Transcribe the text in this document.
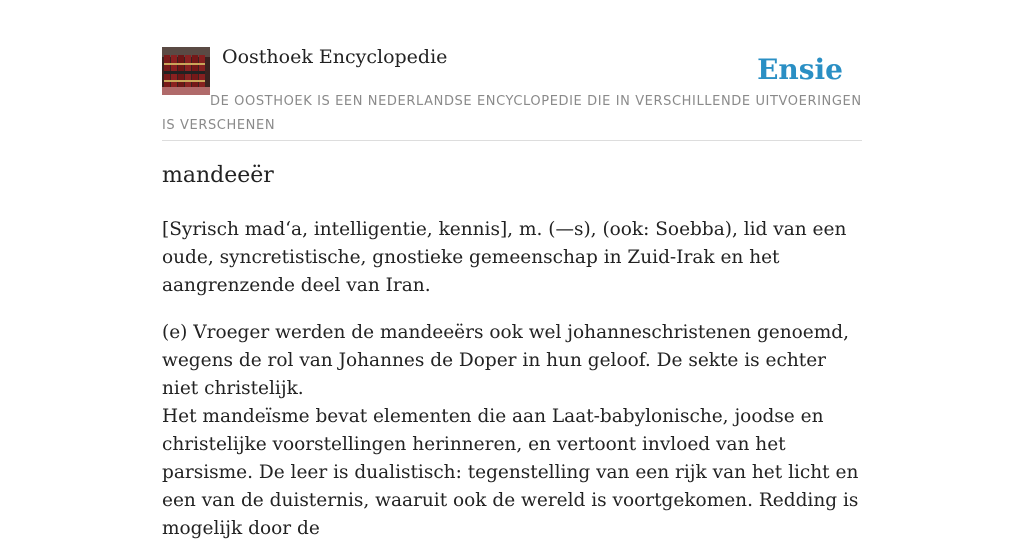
Oosthoek Encyclopedie	Ensie
DE OOSTHOEK IS EEN NEDERLANDSE ENCYCLOPEDIE DIE IN VERSCHILLENDE UITVOERINGEN IS VERSCHENEN
mandeeër

[Syrisch mad‘a, intelligentie, kennis], m. (—s), (ook: Soebba), lid van een oude, syncretistische, gnostieke gemeenschap in Zuid-Irak en het aangrenzende deel van Iran.

(e) Vroeger werden de mandeeërs ook wel johanneschristenen genoemd, wegens de rol van Johannes de Doper in hun geloof. De sekte is echter niet christelijk.

Het mandeïsme bevat elementen die aan Laat-babylonische, joodse en christelijke voorstellingen herinneren, en vertoont invloed van het parsisme. De leer is dualistisch: tegenstelling van een rijk van het licht en een van de duisternis, waaruit ook de wereld is voortgekomen. Redding is mogelijk door de
